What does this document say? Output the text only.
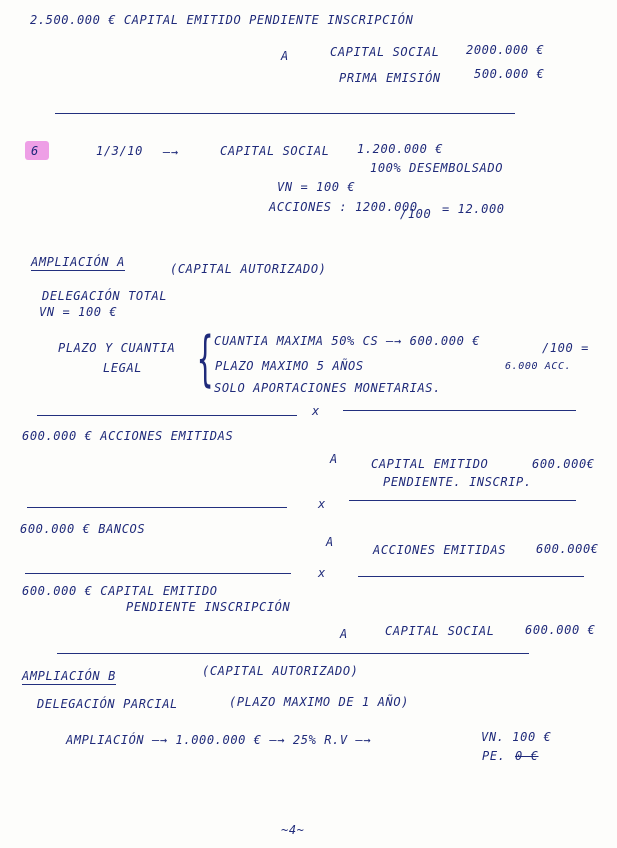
2.500.000 € CAPITAL EMITIDO PENDIENTE INSCRIPCIÓN
A	CAPITAL SOCIAL 2000.000 €
PRIMA EMISIÓN	500.000 €
6	1/3/10 —→	CAPITAL SOCIAL 1.200.000 €
100% DESEMBOLSADO
VN = 100 €
ACCIONES : 1200.000
/100 = 12.000
AMPLIACIÓN A	(CAPITAL AUTORIZADO)
DELEGACIÓN TOTAL
VN = 100 €
PLAZO Y CUANTIA
LEGAL { CUANTIA MAXIMA 50% CS —→ 600.000 €	/100 =
6.000 ACC.
PLAZO MAXIMO 5 AÑOS
SOLO APORTACIONES MONETARIAS.
x
600.000 € ACCIONES EMITIDAS
A	CAPITAL EMITIDO	600.000€
PENDIENTE. INSCRIP.
x
600.000 € BANCOS
A
ACCIONES EMITIDAS 600.000€
x
600.000 € CAPITAL EMITIDO
PENDIENTE INSCRIPCIÓN
A	CAPITAL SOCIAL	600.000 €
AMPLIACIÓN B	(CAPITAL AUTORIZADO)
DELEGACIÓN PARCIAL	(PLAZO MAXIMO DE 1 AÑO)
AMPLIACIÓN —→ 1.000.000 € —→ 25% R.V —→	VN. 100 €
PE. 0 €
~4~
